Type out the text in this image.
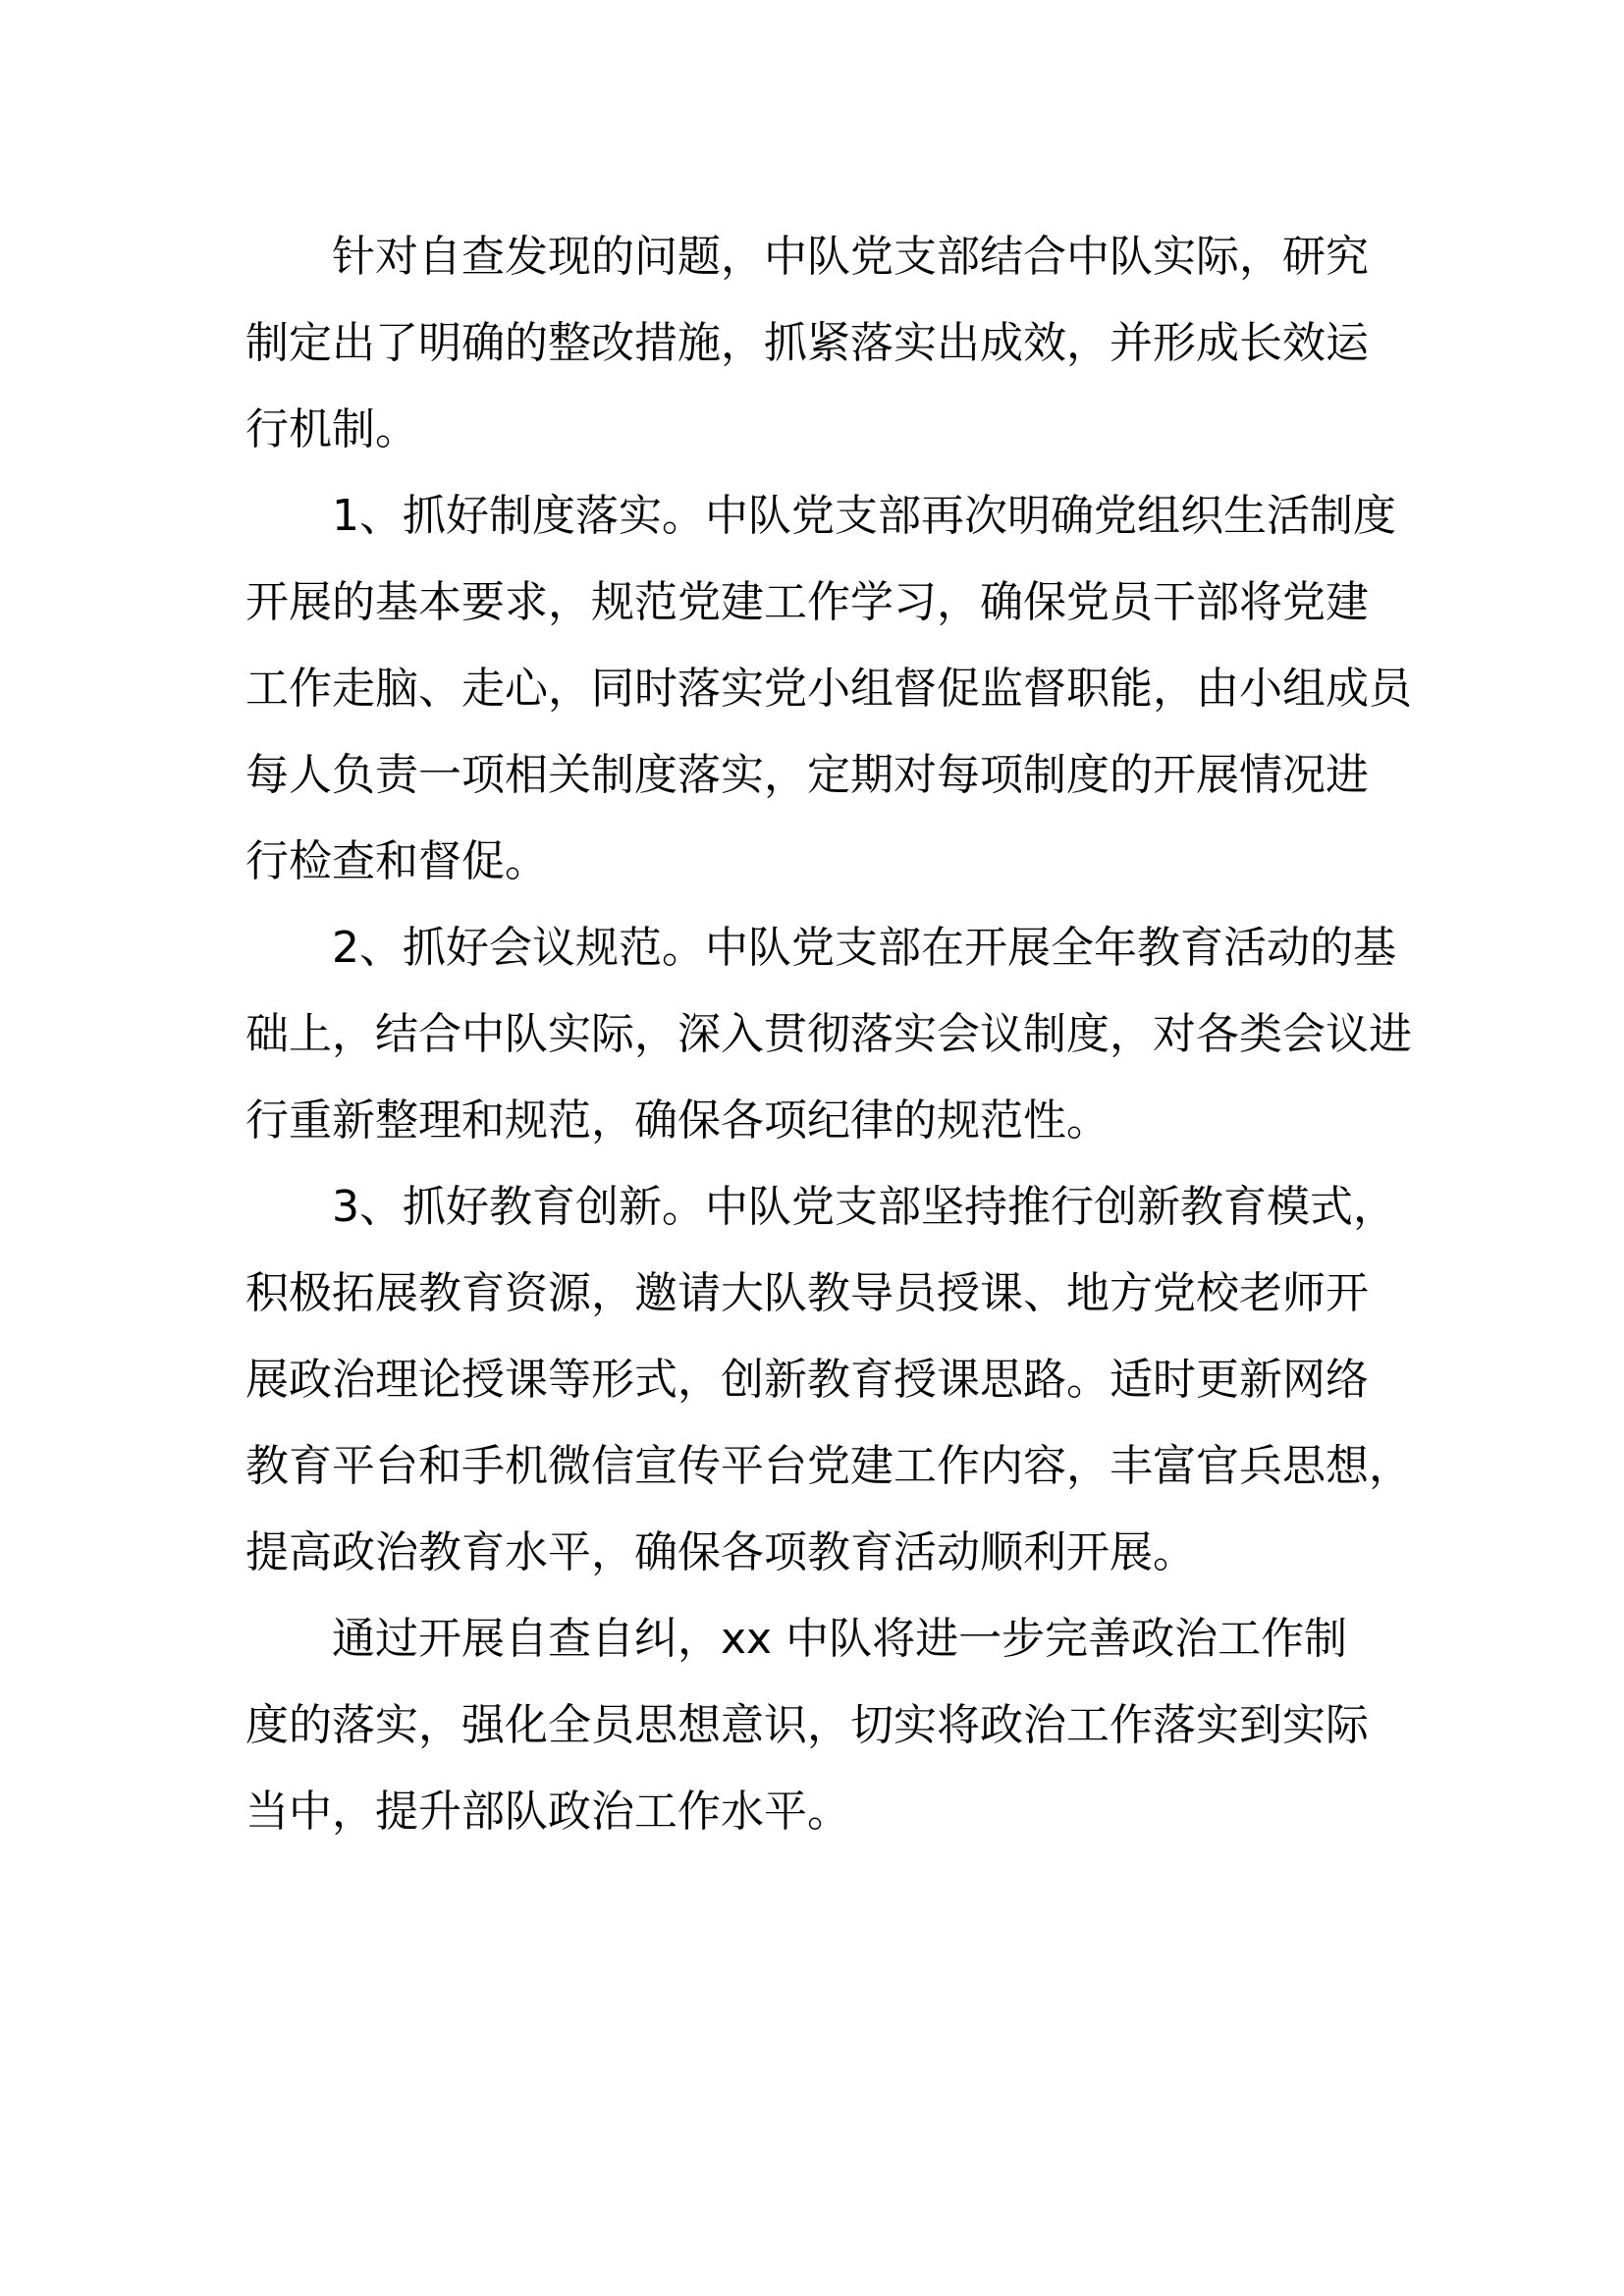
针对自查发现的问题，中队党支部结合中队实际，研究
制定出了明确的整改措施，抓紧落实出成效，并形成长效运
行机制。

1、抓好制度落实。中队党支部再次明确党组织生活制度
开展的基本要求，规范党建工作学习，确保党员干部将党建
工作走脑、走心，同时落实党小组督促监督职能，由小组成员
每人负责一项相关制度落实，定期对每项制度的开展情况进
行检查和督促。

2、抓好会议规范。中队党支部在开展全年教育活动的基
础上，结合中队实际，深入贯彻落实会议制度，对各类会议进
行重新整理和规范，确保各项纪律的规范性。

3、抓好教育创新。中队党支部坚持推行创新教育模式，
积极拓展教育资源，邀请大队教导员授课、地方党校老师开
展政治理论授课等形式，创新教育授课思路。适时更新网络
教育平台和手机微信宣传平台党建工作内容，丰富官兵思想，
提高政治教育水平，确保各项教育活动顺利开展。

通过开展自查自纠，xx 中队将进一步完善政治工作制
度的落实，强化全员思想意识，切实将政治工作落实到实际
当中，提升部队政治工作水平。
